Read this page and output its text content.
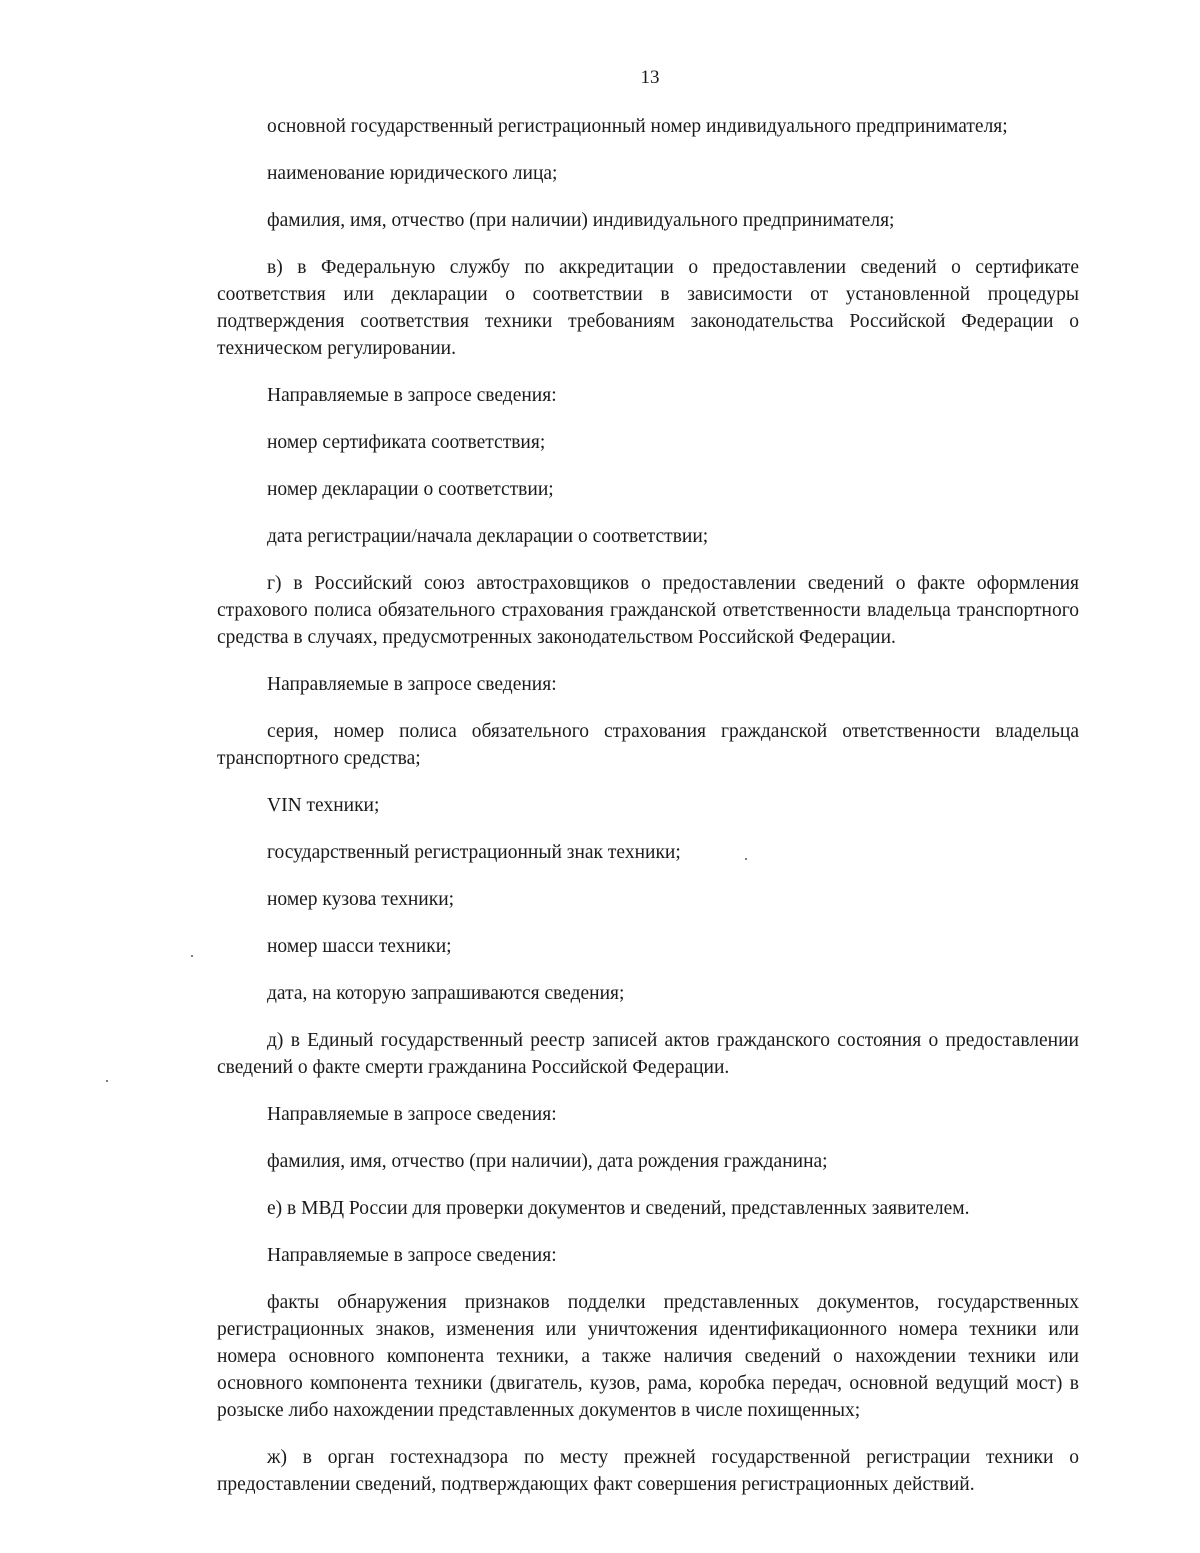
13

основной государственный регистрационный номер индивидуального предпринимателя;

наименование юридического лица;

фамилия, имя, отчество (при наличии) индивидуального предпринимателя;

в) в Федеральную службу по аккредитации о предоставлении сведений о сертификате соответствия или декларации о соответствии в зависимости от установленной процедуры подтверждения соответствия техники требованиям законодательства Российской Федерации о техническом регулировании.

Направляемые в запросе сведения:

номер сертификата соответствия;

номер декларации о соответствии;

дата регистрации/начала декларации о соответствии;

г) в Российский союз автостраховщиков о предоставлении сведений о факте оформления страхового полиса обязательного страхования гражданской ответственности владельца транспортного средства в случаях, предусмотренных законодательством Российской Федерации.

Направляемые в запросе сведения:

серия, номер полиса обязательного страхования гражданской ответственности владельца транспортного средства;

VIN техники;

государственный регистрационный знак техники;

номер кузова техники;

номер шасси техники;

дата, на которую запрашиваются сведения;

д) в Единый государственный реестр записей актов гражданского состояния о предоставлении сведений о факте смерти гражданина Российской Федерации.

Направляемые в запросе сведения:

фамилия, имя, отчество (при наличии), дата рождения гражданина;

е) в МВД России для проверки документов и сведений, представленных заявителем.

Направляемые в запросе сведения:

факты обнаружения признаков подделки представленных документов, государственных регистрационных знаков, изменения или уничтожения идентификационного номера техники или номера основного компонента техники, а также наличия сведений о нахождении техники или основного компонента техники (двигатель, кузов, рама, коробка передач, основной ведущий мост) в розыске либо нахождении представленных документов в числе похищенных;

ж) в орган гостехнадзора по месту прежней государственной регистрации техники о предоставлении сведений, подтверждающих факт совершения регистрационных действий.
